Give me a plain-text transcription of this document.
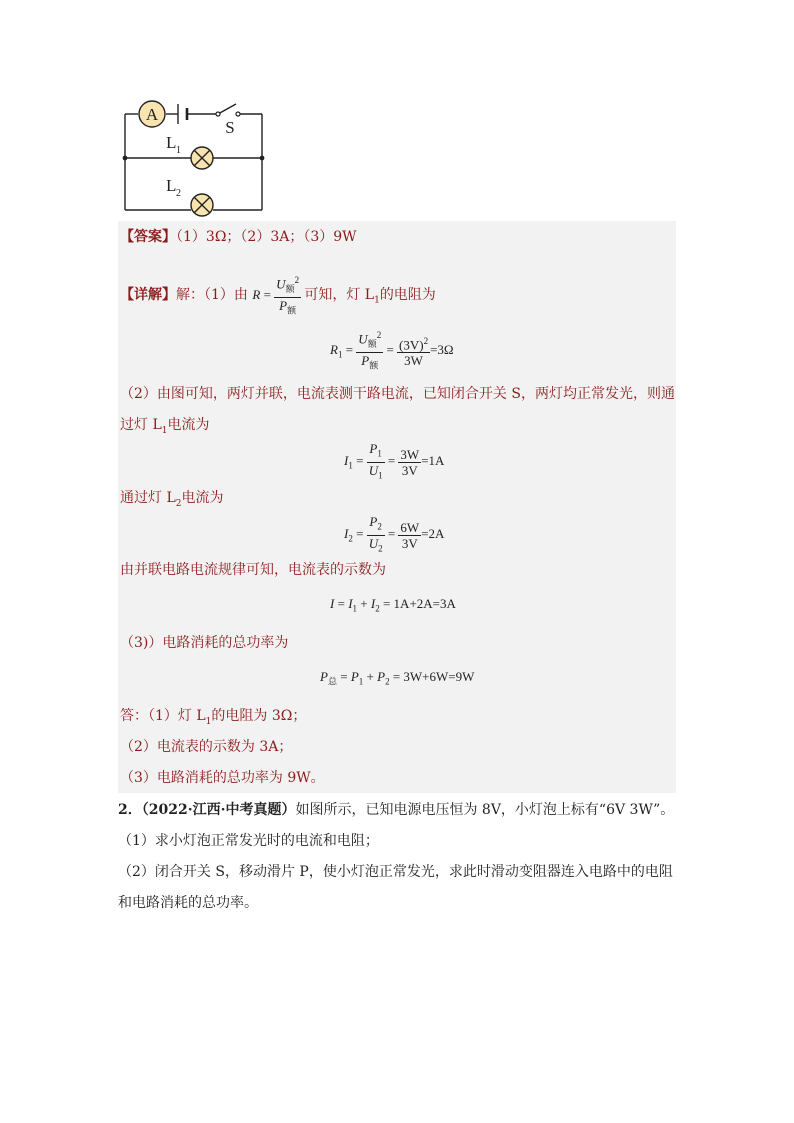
A
S
L 1
L 2
【答案】（1）3Ω；（2）3A；（3）9W
【详解】解：（1）由 $R = \frac{U_额^2}{P_额}$ 可知，灯 $L_1$的电阻为
$R_1 = \frac{U_额^2}{P_额} = \frac{(3V)^2}{3W} =3\Omega$
（2）由图可知，两灯并联，电流表测干路电流，已知闭合开关 S，两灯均正常发光，则通
过灯 $L_1$电流为
$I_1 = \frac{P_1}{U_1} = \frac{3W}{3V} =1A$
通过灯 $L_2$电流为
$I_2 = \frac{P_2}{U_2} = \frac{6W}{3V} =2A$
由并联电路电流规律可知，电流表的示数为
$I = I_1 + I_2 = 1A+2A=3A$
（3)）电路消耗的总功率为
$P_总 = P_1 + P_2 = 3W+6W=9W$
答：（1）灯 $L_1$的电阻为 3Ω；
（2）电流表的示数为 3A；
（3）电路消耗的总功率为 9W。
2．（2022·江西·中考真题）如图所示，已知电源电压恒为 8V，小灯泡上标有“6V 3W”。
（1）求小灯泡正常发光时的电流和电阻；
（2）闭合开关 S，移动滑片 P，使小灯泡正常发光，求此时滑动变阻器连入电路中的电阻
和电路消耗的总功率。
